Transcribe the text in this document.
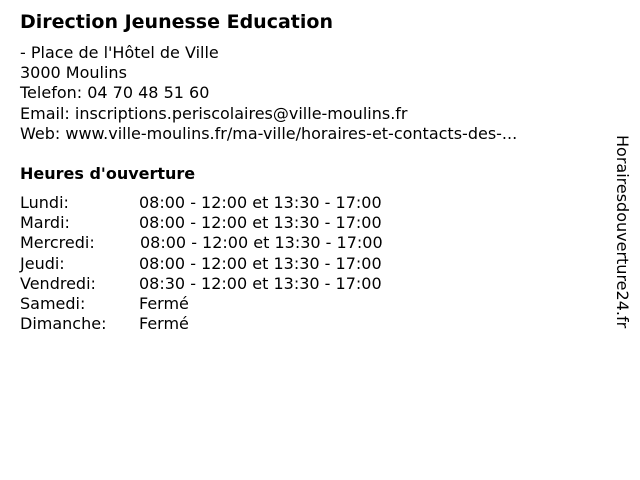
Direction Jeunesse Education
- Place de l'Hôtel de Ville
3000 Moulins
Telefon: 04 70 48 51 60
Email: inscriptions.periscolaires@ville-moulins.fr
Web: www.ville-moulins.fr/ma-ville/horaires-et-contacts-des-...
Heures d'ouverture
Lundi:	08:00 - 12:00 et 13:30 - 17:00
Mardi:	08:00 - 12:00 et 13:30 - 17:00
Mercredi:	08:00 - 12:00 et 13:30 - 17:00
Jeudi:	08:00 - 12:00 et 13:30 - 17:00
Vendredi:	08:30 - 12:00 et 13:30 - 17:00
Samedi:	Fermé
Dimanche: Fermé	Horairesdouverture24.fr
